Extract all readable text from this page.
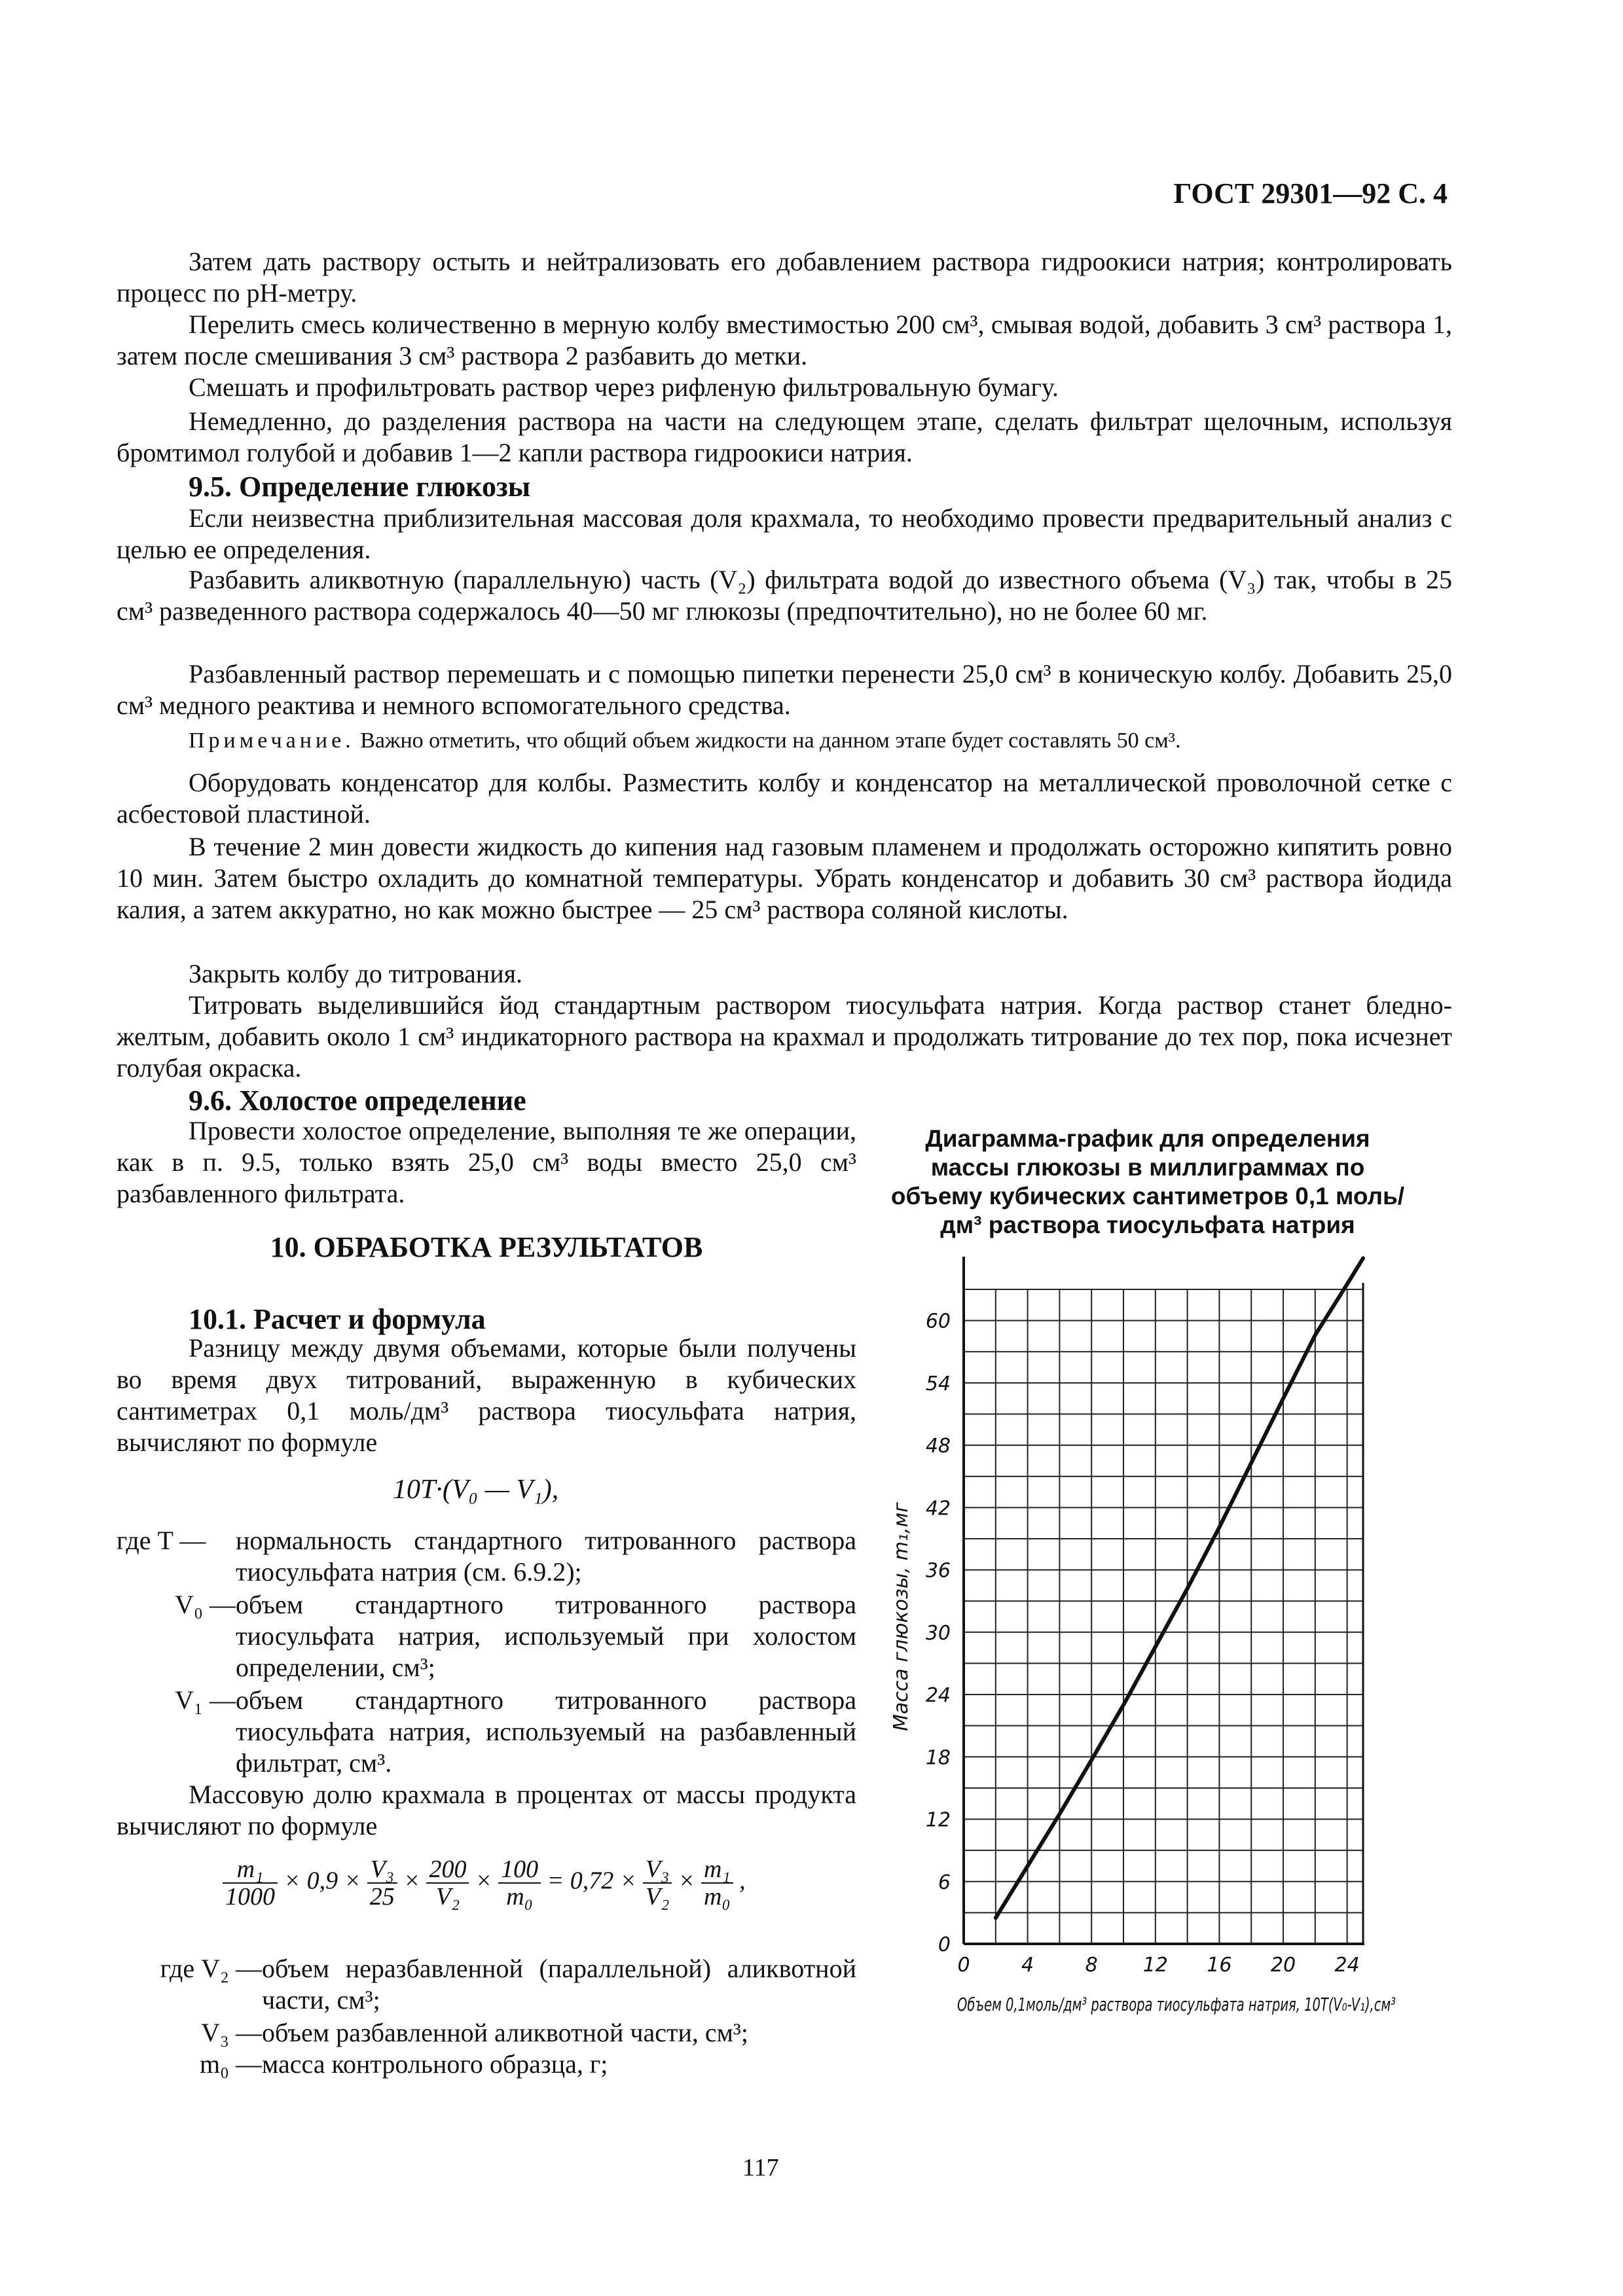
ГОСТ 29301—92 С. 4

Затем дать раствору остыть и нейтрализовать его добавлением раствора гидроокиси натрия; контролировать процесс по рН-метру.

Перелить смесь количественно в мерную колбу вместимостью 200 см³, смывая водой, добавить 3 см³ раствора 1, затем после смешивания 3 см³ раствора 2 разбавить до метки.

Смешать и профильтровать раствор через рифленую фильтровальную бумагу.

Немедленно, до разделения раствора на части на следующем этапе, сделать фильтрат щелочным, используя бромтимол голубой и добавив 1—2 капли раствора гидроокиси натрия.

9.5. Определение глюкозы

Если неизвестна приблизительная массовая доля крахмала, то необходимо провести предварительный анализ с целью ее определения.

Разбавить аликвотную (параллельную) часть (V₂) фильтрата водой до известного объема (V₃) так, чтобы в 25 см³ разведенного раствора содержалось 40—50 мг глюкозы (предпочтительно), но не более 60 мг.

Разбавленный раствор перемешать и с помощью пипетки перенести 25,0 см³ в коническую колбу. Добавить 25,0 см³ медного реактива и немного вспомогательного средства.

Примечание. Важно отметить, что общий объем жидкости на данном этапе будет составлять 50 см³.

Оборудовать конденсатор для колбы. Разместить колбу и конденсатор на металлической проволочной сетке с асбестовой пластиной.

В течение 2 мин довести жидкость до кипения над газовым пламенем и продолжать осторожно кипятить ровно 10 мин. Затем быстро охладить до комнатной температуры. Убрать конденсатор и добавить 30 см³ раствора йодида калия, а затем аккуратно, но как можно быстрее — 25 см³ раствора соляной кислоты.

Закрыть колбу до титрования.

Титровать выделившийся йод стандартным раствором тиосульфата натрия. Когда раствор станет бледно-желтым, добавить около 1 см³ индикаторного раствора на крахмал и продолжать титрование до тех пор, пока исчезнет голубая окраска.

9.6. Холостое определение

Провести холостое определение, выполняя те же операции, как в п. 9.5, только взять 25,0 см³ воды вместо 25,0 см³ разбавленного фильтрата.

10. ОБРАБОТКА РЕЗУЛЬТАТОВ
10.1. Расчет и формула

Разницу между двумя объемами, которые были получены во время двух титрований, выраженную в кубических сантиметрах 0,1 моль/дм³ раствора тиосульфата натрия, вычисляют по формуле

10T·(V₀ — V₁),
где T — нормальность стандартного титрованного раствора тиосульфата натрия (см. 6.9.2);
V₀ — объем стандартного титрованного раствора тиосульфата натрия, используемый при холостом определении, см³;
V₁ — объем стандартного титрованного раствора тиосульфата натрия, используемый на разбавленный фильтрат, см³.

Массовую долю крахмала в процентах от массы продукта вычисляют по формуле

$\frac{\text{m₁}}{1000} \times 0,9 \times \frac{\text{V₃}}{25} \times \frac{200}{\text{V₂}} \times \frac{100}{\text{m₀}} = 0,72 \times \frac{\text{V₃}}{\text{V₂}} \times \frac{\text{m₁}}{\text{m₀}}$ ,
где V₂ — объем неразбавленной (параллельной) аликвотной части, см³;
V₃ — объем разбавленной аликвотной части, см³;
m₀ — масса контрольного образца, г;
Диаграмма-график для определения массы глюкозы в миллиграммах по объему кубических сантиметров 0,1 моль/дм³ раствора тиосульфата натрия
0	4	8 12 16 20 24
0
6
12
18
24
30
36
42
48
54
60
Масса глюкозы, m₁,мг
Объем 0,1моль/дм³ раствора тиосульфата натрия, 10T(V₀-V₁),см³
117
